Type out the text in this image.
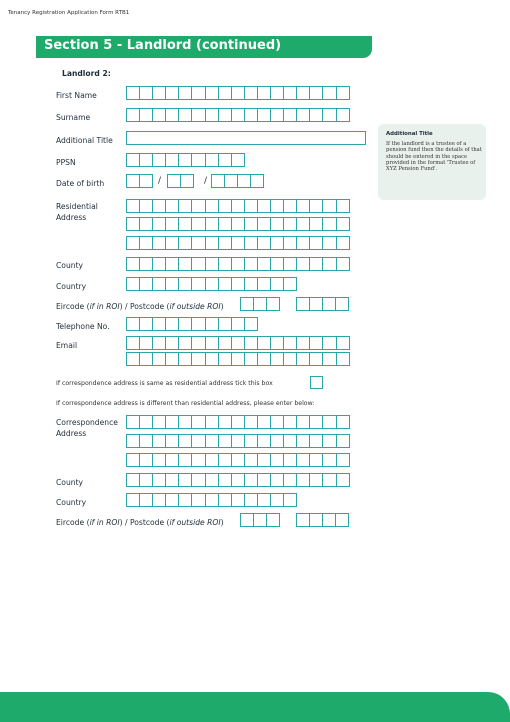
Tenancy Registration Application Form RTB1
Section 5 - Landlord (continued)
Landlord 2:
First Name
Surname
Additional Title
PPSN
Date of birth	/	/
Residential
Address
County
Country
Eircode (if in ROI) / Postcode (if outside ROI)
Telephone No.
Email
If correspondence address is same as residential address tick this box
If correspondence address is different than residential address, please enter below:
Correspondence
Address
County
Country
Eircode (if in ROI) / Postcode (if outside ROI)
Additional Title
If the landlord is a trustee of a pension fund then the details of that should be entered in the space provided in the format 'Trustee of XYZ Pension Fund'.
